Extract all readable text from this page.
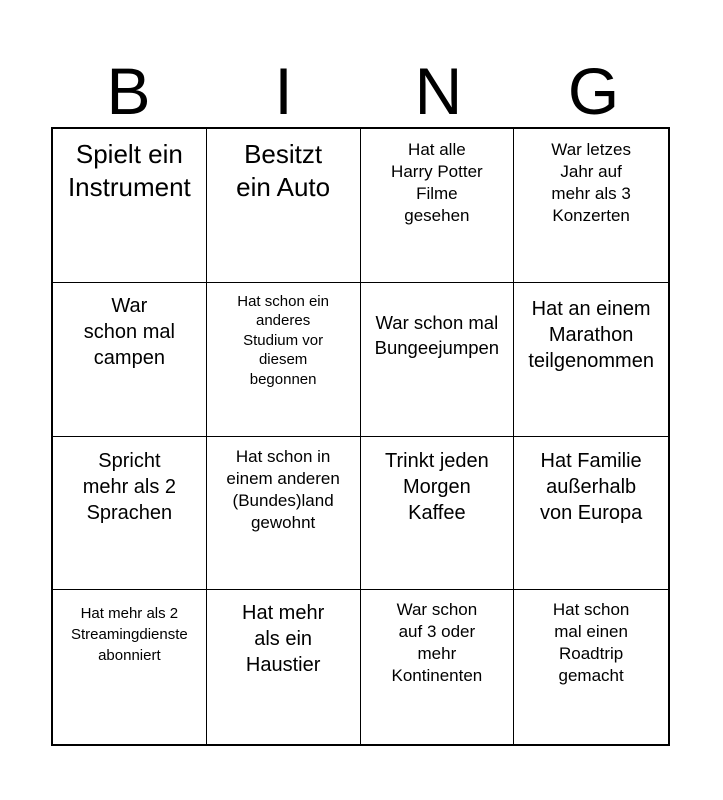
B	I	N	G
Spielt ein
Instrument
Besitzt
ein Auto
Hat alle
Harry Potter
Filme
gesehen
War letzes
Jahr auf
mehr als 3
Konzerten
War
schon mal
campen
Hat schon ein
anderes
Studium vor
diesem
begonnen
War schon mal
Bungeejumpen
Hat an einem
Marathon
teilgenommen
Spricht
mehr als 2
Sprachen
Hat schon in
einem anderen
(Bundes)land
gewohnt
Trinkt jeden
Morgen
Kaffee
Hat Familie
außerhalb
von Europa
Hat mehr als 2
Streamingdienste
abonniert
Hat mehr
als ein
Haustier
War schon
auf 3 oder
mehr
Kontinenten
Hat schon
mal einen
Roadtrip
gemacht
